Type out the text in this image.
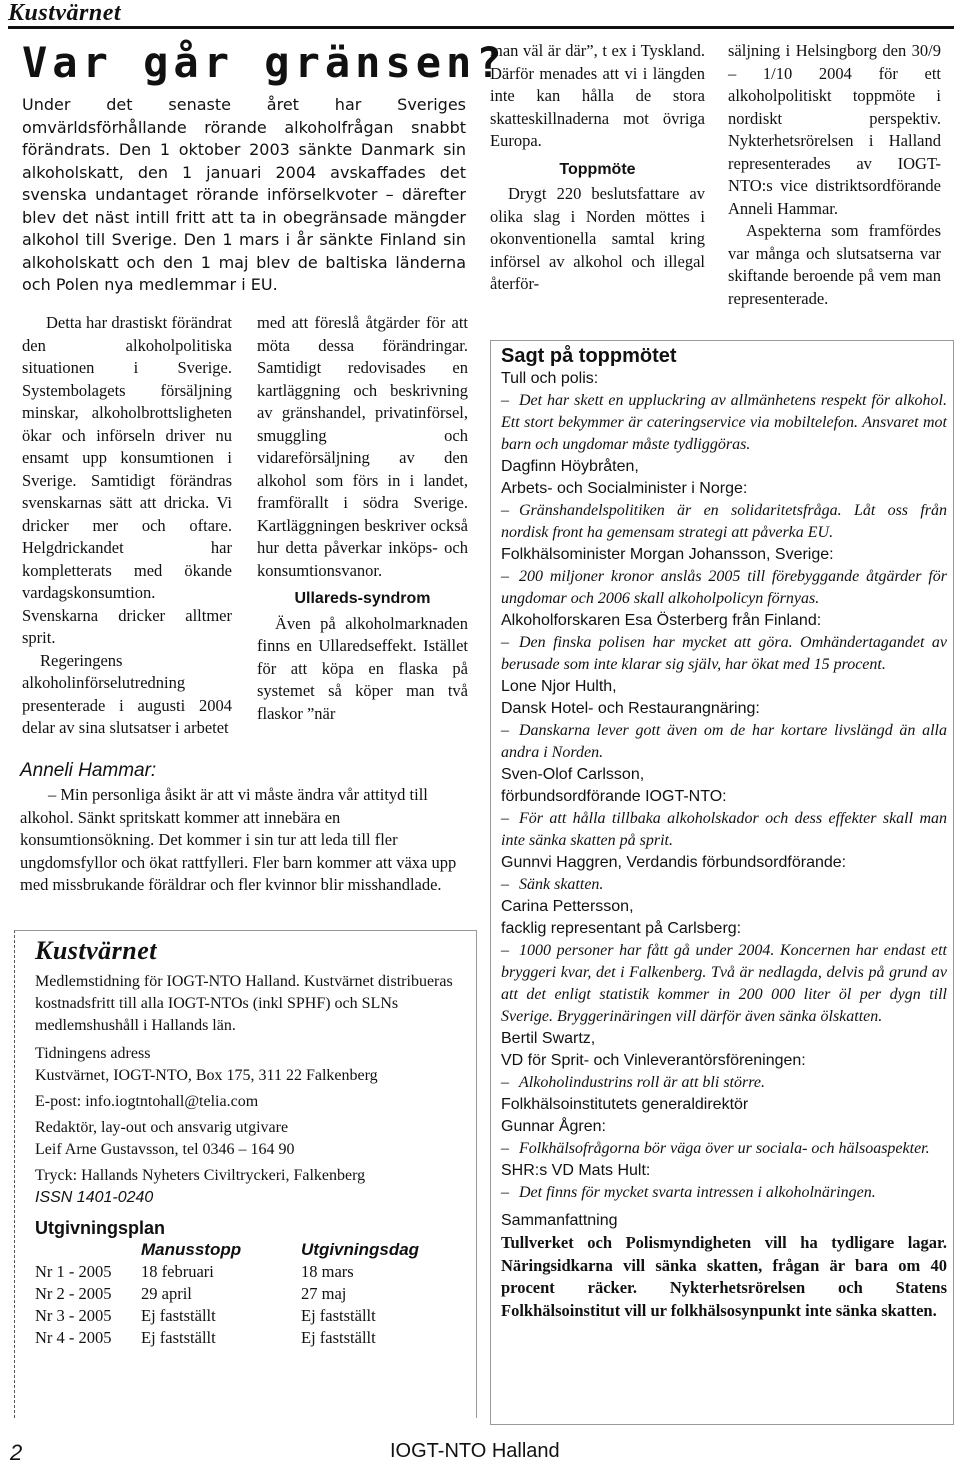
Kustvärnet
Var går gränsen?

Under det senaste året har Sveriges omvärldsförhållande rörande alkoholfrågan snabbt förändrats. Den 1 oktober 2003 sänkte Danmark sin alkoholskatt, den 1 januari 2004 avskaffades det svenska undantaget rörande införselkvoter – därefter blev det näst intill fritt att ta in obegränsade mängder alkohol till Sverige. Den 1 mars i år sänkte Finland sin alkoholskatt och den 1 maj blev de baltiska länderna och Polen nya medlemmar i EU.

Detta har drastiskt förändrat den alkoholpolitiska situationen i Sverige. Systembolagets försäljning minskar, alkoholbrottsligheten ökar och införseln driver nu ensamt upp konsumtionen i Sverige. Samtidigt förändras svenskarnas sätt att dricka. Vi dricker mer och oftare. Helgdrickandet har kompletterats med ökande vardagskonsumtion. Svenskarna dricker alltmer sprit.

Regeringens alkoholinförselutredning presenterade i augusti 2004 delar av sina slutsatser i arbetet

med att föreslå åtgärder för att möta dessa förändringar. Samtidigt redovisades en kartläggning och beskrivning av gränshandel, privatinförsel, smuggling och vidareförsäljning av den alkohol som förs in i landet, framförallt i södra Sverige. Kartläggningen beskriver också hur detta påverkar inköps- och konsumtionsvanor.

Ullareds-syndrom

Även på alkoholmarknaden finns en Ullaredseffekt. Istället för att köpa en flaska på systemet så köper man två flaskor ”när

man väl är där”, t ex i Tyskland. Därför menades att vi i längden inte kan hålla de stora skatteskillnaderna mot övriga Europa.

Toppmöte

Drygt 220 beslutsfattare av olika slag i Norden möttes i okonventionella samtal kring införsel av alkohol och illegal återför-

säljning i Helsingborg den 30/9 – 1/10 2004 för ett alkoholpolitiskt toppmöte i nordiskt perspektiv. Nykterhetsrörelsen i Halland representerades av IOGT-NTO:s vice distriktsordförande Anneli Hammar.

Aspekterna som framfördes var många och slutsatserna var skiftande beroende på vem man representerade.

Anneli Hammar:

– Min personliga åsikt är att vi måste ändra vår attityd till alkohol. Sänkt spritskatt kommer att innebära en konsumtionsökning. Det kommer i sin tur att leda till fler ungdomsfyllor och ökat rattfylleri. Fler barn kommer att växa upp med missbrukande föräldrar och fler kvinnor blir misshandlade.

Kustvärnet

Medlemstidning för IOGT-NTO Halland. Kustvärnet distribueras kostnadsfritt till alla IOGT-NTOs (inkl SPHF) och SLNs medlemshushåll i Hallands län.

Tidningens adress

Kustvärnet, IOGT-NTO, Box 175, 311 22 Falkenberg

E-post: info.iogtntohall@telia.com

Redaktör, lay-out och ansvarig utgivare

Leif Arne Gustavsson, tel 0346 – 164 90

Tryck: Hallands Nyheters Civiltryckeri, Falkenberg

ISSN 1401-0240

Utgivningsplan

	Manusstopp	Utgivningsdag
Nr 1 - 2005	18 februari	18 mars
Nr 2 - 2005	29 april	27 maj
Nr 3 - 2005	Ej fastställt	Ej fastställt
Nr 4 - 2005	Ej fastställt	Ej fastställt
Sagt på toppmötet
Tull och polis:
– Det har skett en uppluckring av allmänhetens respekt för alkohol. Ett stort bekymmer är cateringservice via mobiltelefon. Ansvaret mot barn och ungdomar måste tydliggöras.
Dagfinn Höybråten,
Arbets- och Socialminister i Norge:
– Gränshandelspolitiken är en solidaritetsfråga. Låt oss från nordisk front ha gemensam strategi att påverka EU.
Folkhälsominister Morgan Johansson, Sverige:
– 200 miljoner kronor anslås 2005 till förebyggande åtgärder för ungdomar och 2006 skall alkoholpolicyn förnyas.
Alkoholforskaren Esa Österberg från Finland:
– Den finska polisen har mycket att göra. Omhändertagandet av berusade som inte klarar sig själv, har ökat med 15 procent.
Lone Njor Hulth,
Dansk Hotel- och Restaurangnäring:
– Danskarna lever gott även om de har kortare livslängd än alla andra i Norden.
Sven-Olof Carlsson,
förbundsordförande IOGT-NTO:
– För att hålla tillbaka alkoholskador och dess effekter skall man inte sänka skatten på sprit.
Gunnvi Haggren, Verdandis förbundsordförande:
– Sänk skatten.
Carina Pettersson,
facklig representant på Carlsberg:
– 1000 personer har fått gå under 2004. Koncernen har endast ett bryggeri kvar, det i Falkenberg. Två är nedlagda, delvis på grund av att det enligt statistik kommer in 200 000 liter öl per dygn till Sverige. Bryggerinäringen vill därför även sänka ölskatten.
Bertil Swartz,
VD för Sprit- och Vinleverantörsföreningen:
– Alkoholindustrins roll är att bli större.
Folkhälsoinstitutets generaldirektör
Gunnar Ågren:
– Folkhälsofrågorna bör väga över ur sociala- och hälsoaspekter.
SHR:s VD Mats Hult:
– Det finns för mycket svarta intressen i alkoholnäringen.

Sammanfattning

Tullverket och Polismyndigheten vill ha tydligare lagar. Näringsidkarna vill sänka skatten, frågan är bara om 40 procent räcker. Nykterhetsrörelsen och Statens Folkhälsoinstitut vill ur folkhälsosynpunkt inte sänka skatten.

2	IOGT-NTO Halland
